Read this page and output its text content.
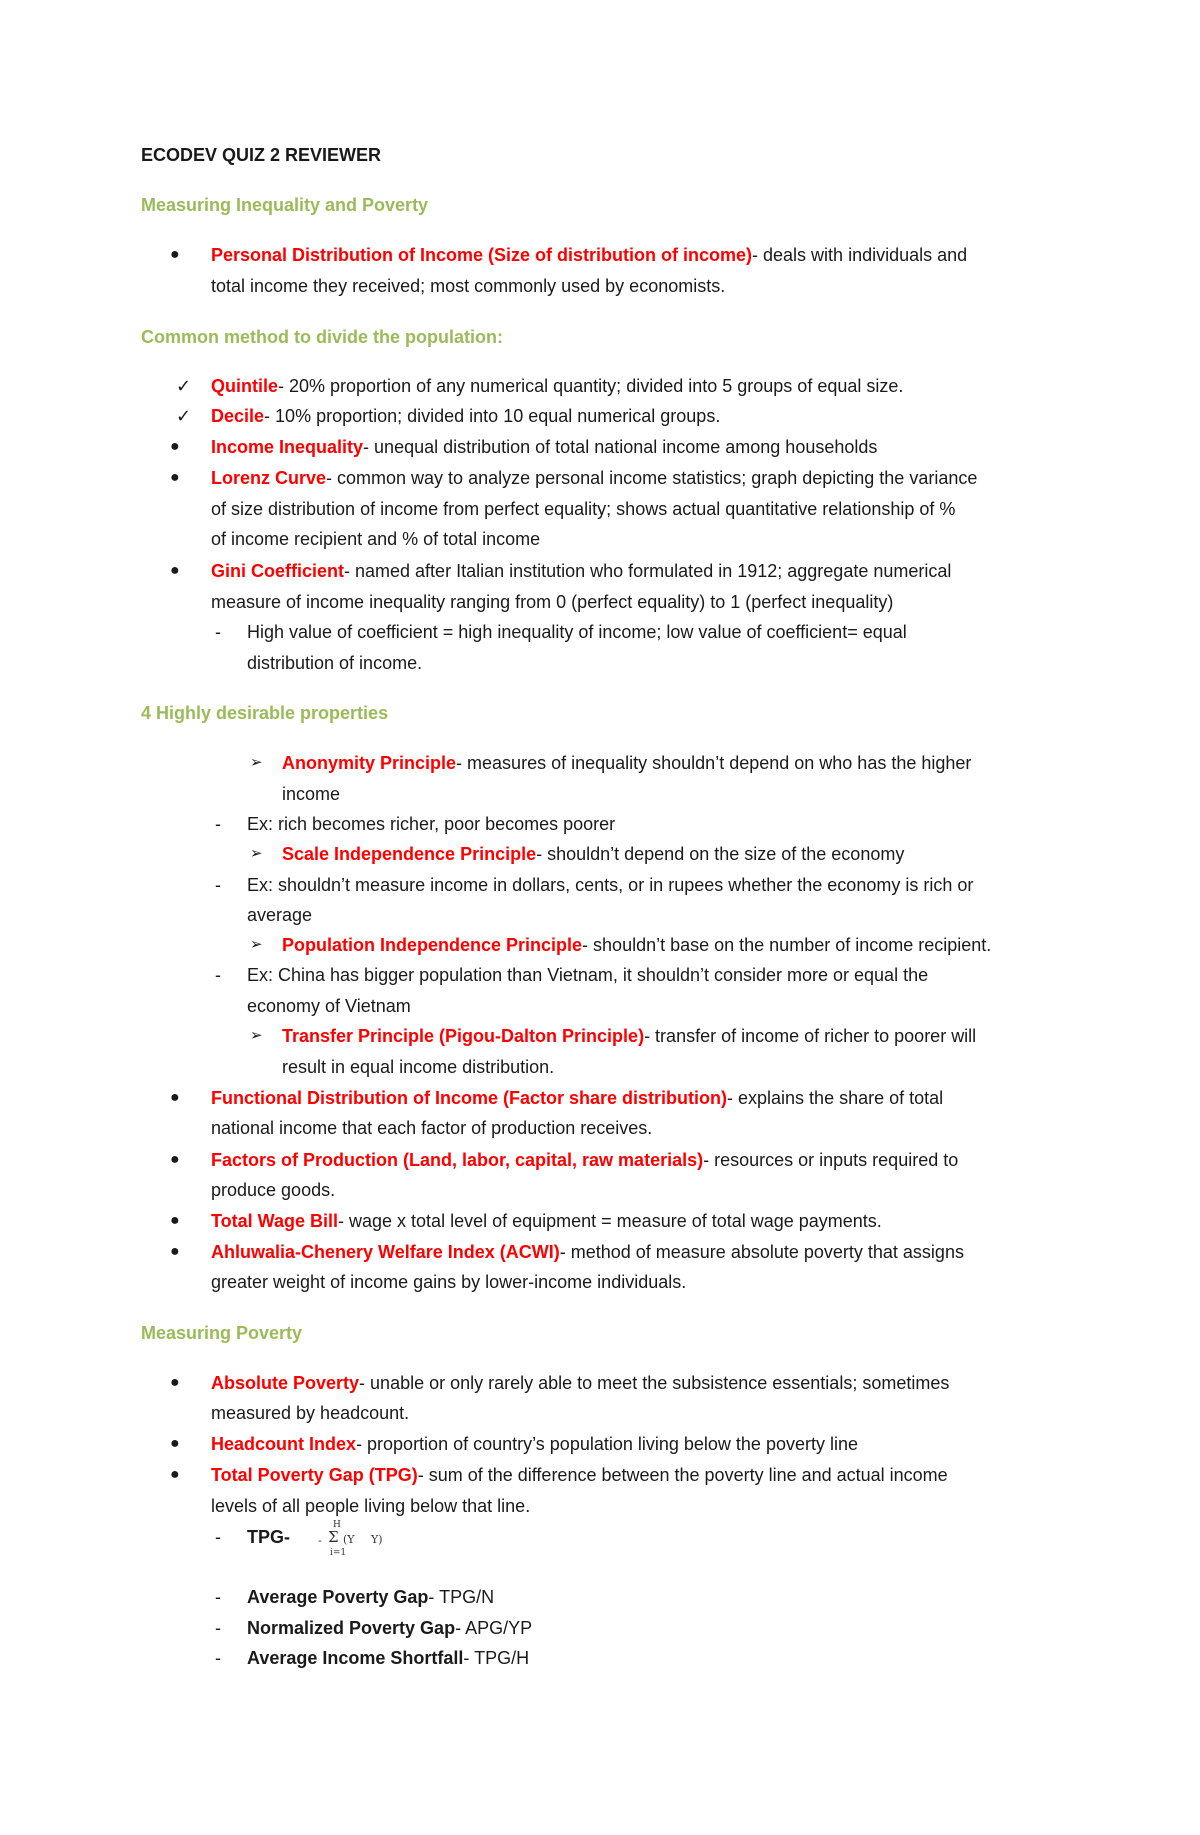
ECODEV QUIZ 2 REVIEWER
Measuring Inequality and Poverty
● Personal Distribution of Income (Size of distribution of income)- deals with individuals and
total income they received; most commonly used by economists.
Common method to divide the population:
✓ Quintile- 20% proportion of any numerical quantity; divided into 5 groups of equal size.
✓ Decile- 10% proportion; divided into 10 equal numerical groups.
● Income Inequality- unequal distribution of total national income among households
● Lorenz Curve- common way to analyze personal income statistics; graph depicting the variance
of size distribution of income from perfect equality; shows actual quantitative relationship of %
of income recipient and % of total income
● Gini Coefficient- named after Italian institution who formulated in 1912; aggregate numerical
measure of income inequality ranging from 0 (perfect equality) to 1 (perfect inequality)
- High value of coefficient = high inequality of income; low value of coefficient= equal
distribution of income.
4 Highly desirable properties
➢ Anonymity Principle- measures of inequality shouldn’t depend on who has the higher
income
- Ex: rich becomes richer, poor becomes poorer
➢ Scale Independence Principle- shouldn’t depend on the size of the economy
- Ex: shouldn’t measure income in dollars, cents, or in rupees whether the economy is rich or
average
➢ Population Independence Principle- shouldn’t base on the number of income recipient.
- Ex: China has bigger population than Vietnam, it shouldn’t consider more or equal the
economy of Vietnam
➢ Transfer Principle (Pigou-Dalton Principle)- transfer of income of richer to poorer will
result in equal income distribution.
● Functional Distribution of Income (Factor share distribution)- explains the share of total
national income that each factor of production receives.
● Factors of Production (Land, labor, capital, raw materials)- resources or inputs required to
produce goods.
● Total Wage Bill- wage x total level of equipment = measure of total wage payments.
● Ahluwalia-Chenery Welfare Index (ACWI)- method of measure absolute poverty that assigns
greater weight of income gains by lower-income individuals.
Measuring Poverty
● Absolute Poverty- unable or only rarely able to meet the subsistence essentials; sometimes
measured by headcount.
● Headcount Index- proportion of country’s population living below the poverty line
● Total Poverty Gap (TPG)- sum of the difference between the poverty line and actual income
levels of all people living below that line.
- TPG-
H
- Σ
i=1
(Y Y)
- Average Poverty Gap- TPG/N
- Normalized Poverty Gap- APG/YP
- Average Income Shortfall- TPG/H
